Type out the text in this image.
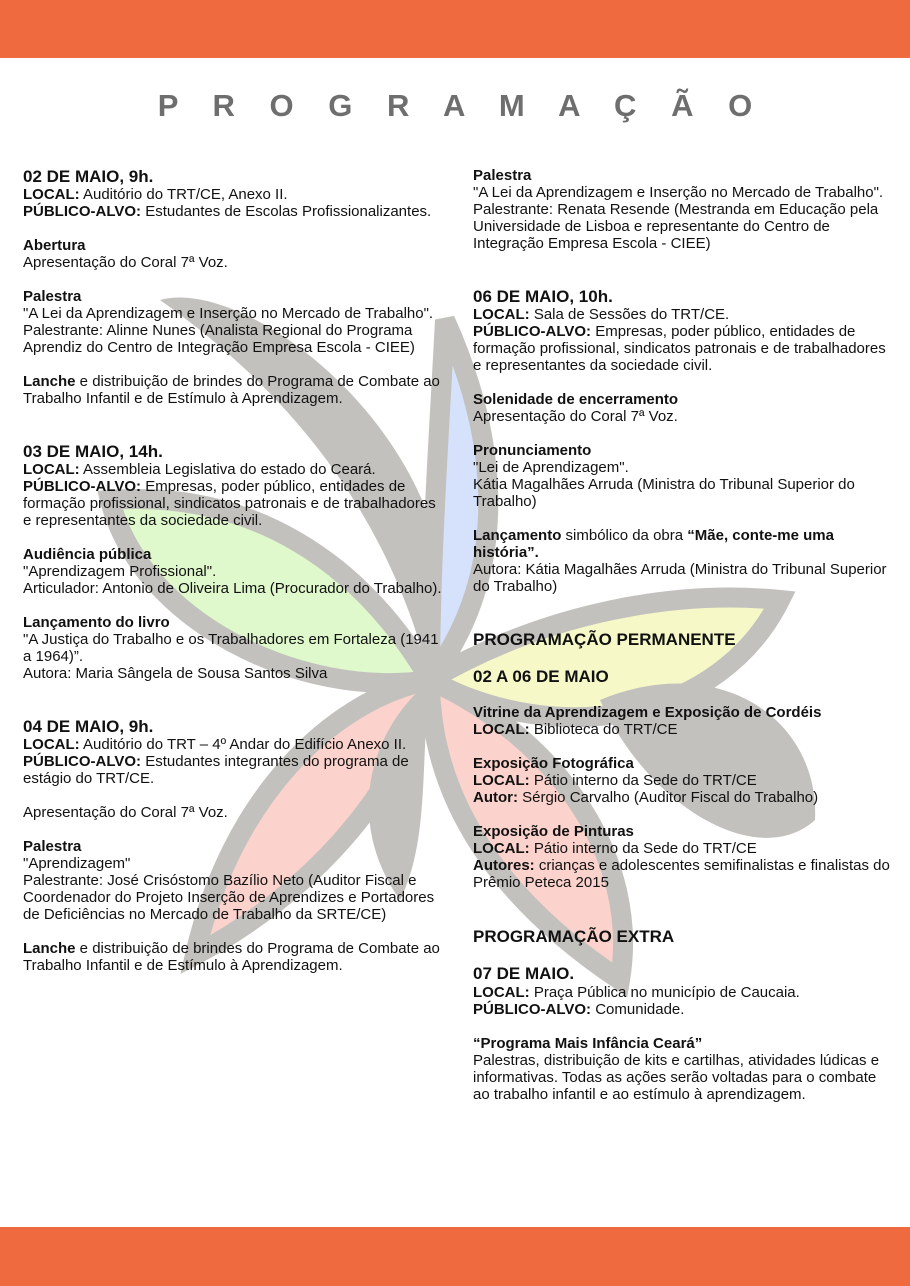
P R O G R A M A Ç Ã O

02 DE MAIO, 9h.

LOCAL: Auditório do TRT/CE, Anexo II.

PÚBLICO-ALVO: Estudantes de Escolas Profissionalizantes.

Abertura

Apresentação do Coral 7ª Voz.

Palestra

"A Lei da Aprendizagem e Inserção no Mercado de Trabalho".

Palestrante: Alinne Nunes (Analista Regional do Programa Aprendiz do Centro de Integração Empresa Escola - CIEE)

Lanche e distribuição de brindes do Programa de Combate ao Trabalho Infantil e de Estímulo à Aprendizagem.

03 DE MAIO, 14h.

LOCAL: Assembleia Legislativa do estado do Ceará.

PÚBLICO-ALVO: Empresas, poder público, entidades de formação profissional, sindicatos patronais e de trabalhadores e representantes da sociedade civil.

Audiência pública

"Aprendizagem Profissional".

Articulador: Antonio de Oliveira Lima (Procurador do Trabalho).

Lançamento do livro

"A Justiça do Trabalho e os Trabalhadores em Fortaleza (1941 a 1964)”.

Autora: Maria Sângela de Sousa Santos Silva

04 DE MAIO, 9h.

LOCAL: Auditório do TRT – 4º Andar do Edifício Anexo II.

PÚBLICO-ALVO: Estudantes integrantes do programa de estágio do TRT/CE.

Apresentação do Coral 7ª Voz.

Palestra

"Aprendizagem"

Palestrante: José Crisóstomo Bazílio Neto (Auditor Fiscal e Coordenador do Projeto Inserção de Aprendizes e Portadores de Deficiências no Mercado de Trabalho da SRTE/CE)

Lanche e distribuição de brindes do Programa de Combate ao Trabalho Infantil e de Estímulo à Aprendizagem.

Palestra

"A Lei da Aprendizagem e Inserção no Mercado de Trabalho".

Palestrante: Renata Resende (Mestranda em Educação pela Universidade de Lisboa e representante do Centro de Integração Empresa Escola - CIEE)

06 DE MAIO, 10h.

LOCAL: Sala de Sessões do TRT/CE.

PÚBLICO-ALVO: Empresas, poder público, entidades de formação profissional, sindicatos patronais e de trabalhadores e representantes da sociedade civil.

Solenidade de encerramento

Apresentação do Coral 7ª Voz.

Pronunciamento

"Lei de Aprendizagem".

Kátia Magalhães Arruda (Ministra do Tribunal Superior do Trabalho)

Lançamento simbólico da obra “Mãe, conte-me uma história”.

Autora: Kátia Magalhães Arruda (Ministra do Tribunal Superior do Trabalho)

PROGRAMAÇÃO PERMANENTE

02 A 06 DE MAIO

Vitrine da Aprendizagem e Exposição de Cordéis

LOCAL: Biblioteca do TRT/CE

Exposição Fotográfica

LOCAL: Pátio interno da Sede do TRT/CE

Autor: Sérgio Carvalho (Auditor Fiscal do Trabalho)

Exposição de Pinturas

LOCAL: Pátio interno da Sede do TRT/CE

Autores: crianças e adolescentes semifinalistas e finalistas do Prêmio Peteca 2015

PROGRAMAÇÃO EXTRA

07 DE MAIO.

LOCAL: Praça Pública no município de Caucaia.

PÚBLICO-ALVO: Comunidade.

“Programa Mais Infância Ceará”

Palestras, distribuição de kits e cartilhas, atividades lúdicas e informativas. Todas as ações serão voltadas para o combate ao trabalho infantil e ao estímulo à aprendizagem.
